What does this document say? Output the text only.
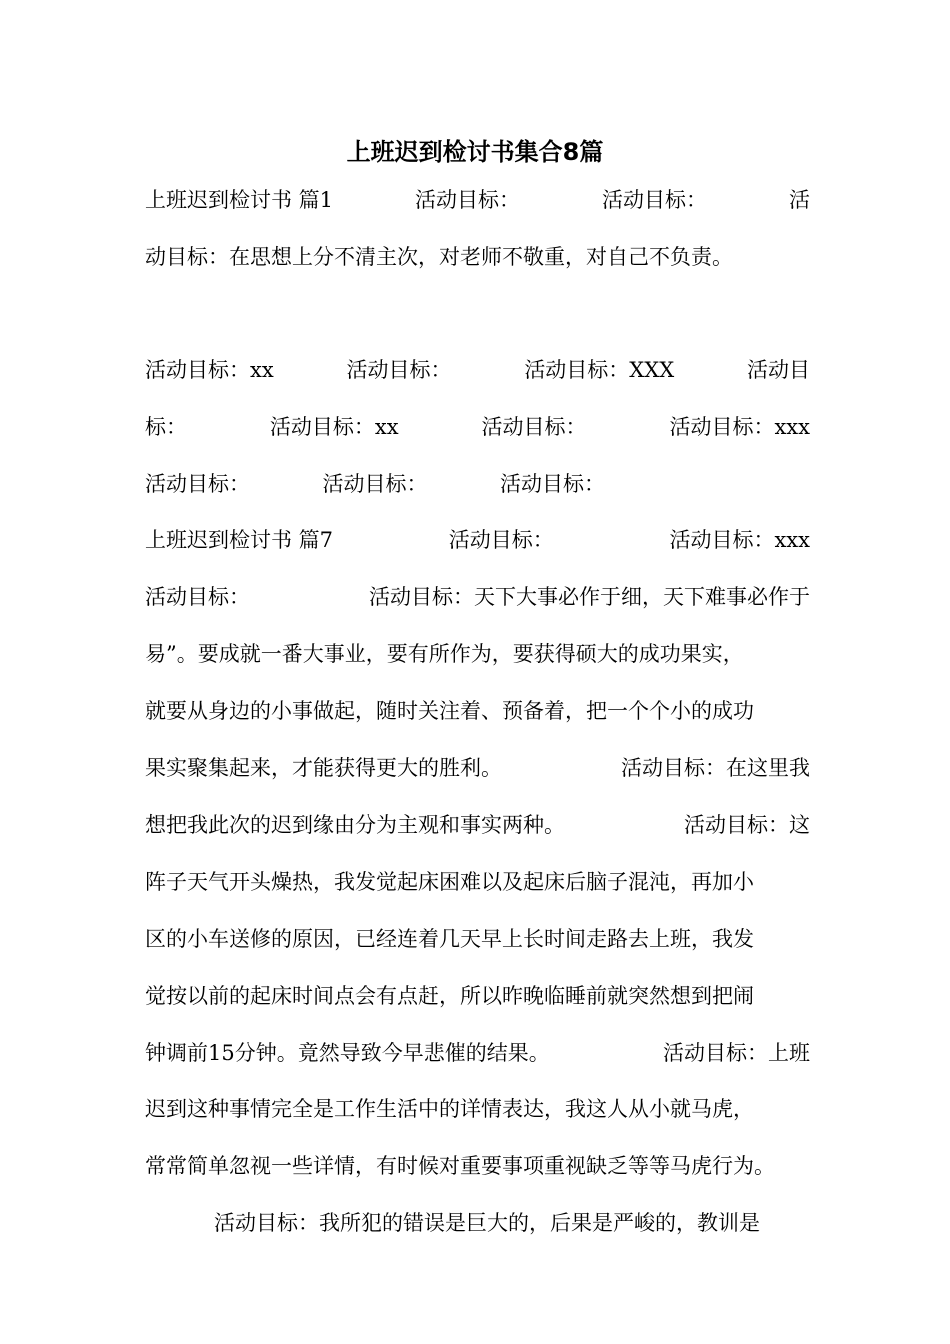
上班迟到检讨书集合8篇
上班迟到检讨书 篇1	活动目标：	活动目标：	活
动目标：在思想上分不清主次，对老师不敬重，对自己不负责。
活动目标：xx	活动目标：	活动目标：XXX	活动目
标：	活动目标：xx	活动目标：	活动目标：xxx
活动目标：	活动目标：	活动目标：
上班迟到检讨书 篇7	活动目标：	活动目标：xxx
活动目标：	活动目标：天下大事必作于细，天下难事必作于
易”。要成就一番大事业，要有所作为，要获得硕大的成功果实，
就要从身边的小事做起，随时关注着、预备着，把一个个小的成功
果实聚集起来，才能获得更大的胜利。	活动目标：在这里我
想把我此次的迟到缘由分为主观和事实两种。	活动目标：这
阵子天气开头燥热，我发觉起床困难以及起床后脑子混沌，再加小
区的小车送修的原因，已经连着几天早上长时间走路去上班，我发
觉按以前的起床时间点会有点赶，所以昨晚临睡前就突然想到把闹
钟调前15分钟。竟然导致今早悲催的结果。	活动目标：上班
迟到这种事情完全是工作生活中的详情表达，我这人从小就马虎，
常常简单忽视一些详情，有时候对重要事项重视缺乏等等马虎行为。
活动目标：我所犯的错误是巨大的，后果是严峻的，教训是
